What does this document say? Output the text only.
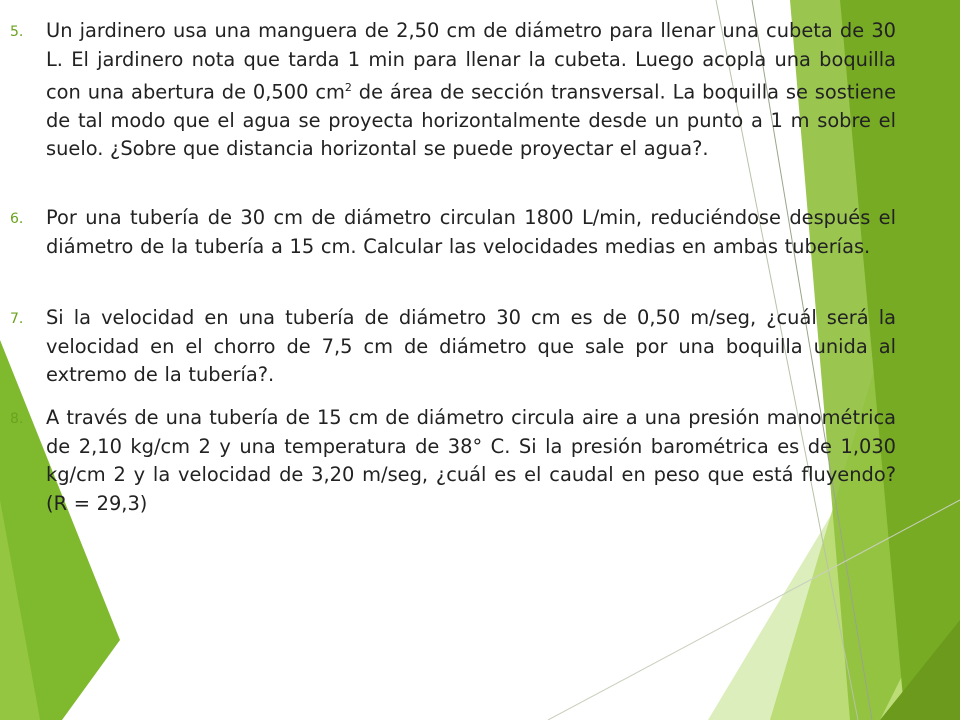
5. Un jardinero usa una manguera de 2,50 cm de diámetro para llenar una cubeta de 30 L. El jardinero nota que tarda 1 min para llenar la cubeta. Luego acopla una boquilla con una abertura de 0,500 $cm^2$ de área de sección transversal. La boquilla se sostiene de tal modo que el agua se proyecta horizontalmente desde un punto a 1 m sobre el suelo. ¿Sobre que distancia horizontal se puede proyectar el agua?.
6. Por una tubería de 30 cm de diámetro circulan 1800 L/min, reduciéndose después el diámetro de la tubería a 15 cm. Calcular las velocidades medias en ambas tuberías.
7. Si la velocidad en una tubería de diámetro 30 cm es de 0,50 m/seg, ¿cuál será la velocidad en el chorro de 7,5 cm de diámetro que sale por una boquilla unida al extremo de la tubería?.
8. A través de una tubería de 15 cm de diámetro circula aire a una presión manométrica de 2,10 kg/cm 2 y una temperatura de 38° C. Si la presión barométrica es de 1,030 kg/cm 2 y la velocidad de 3,20 m/seg, ¿cuál es el caudal en peso que está fluyendo? (R = 29,3)
